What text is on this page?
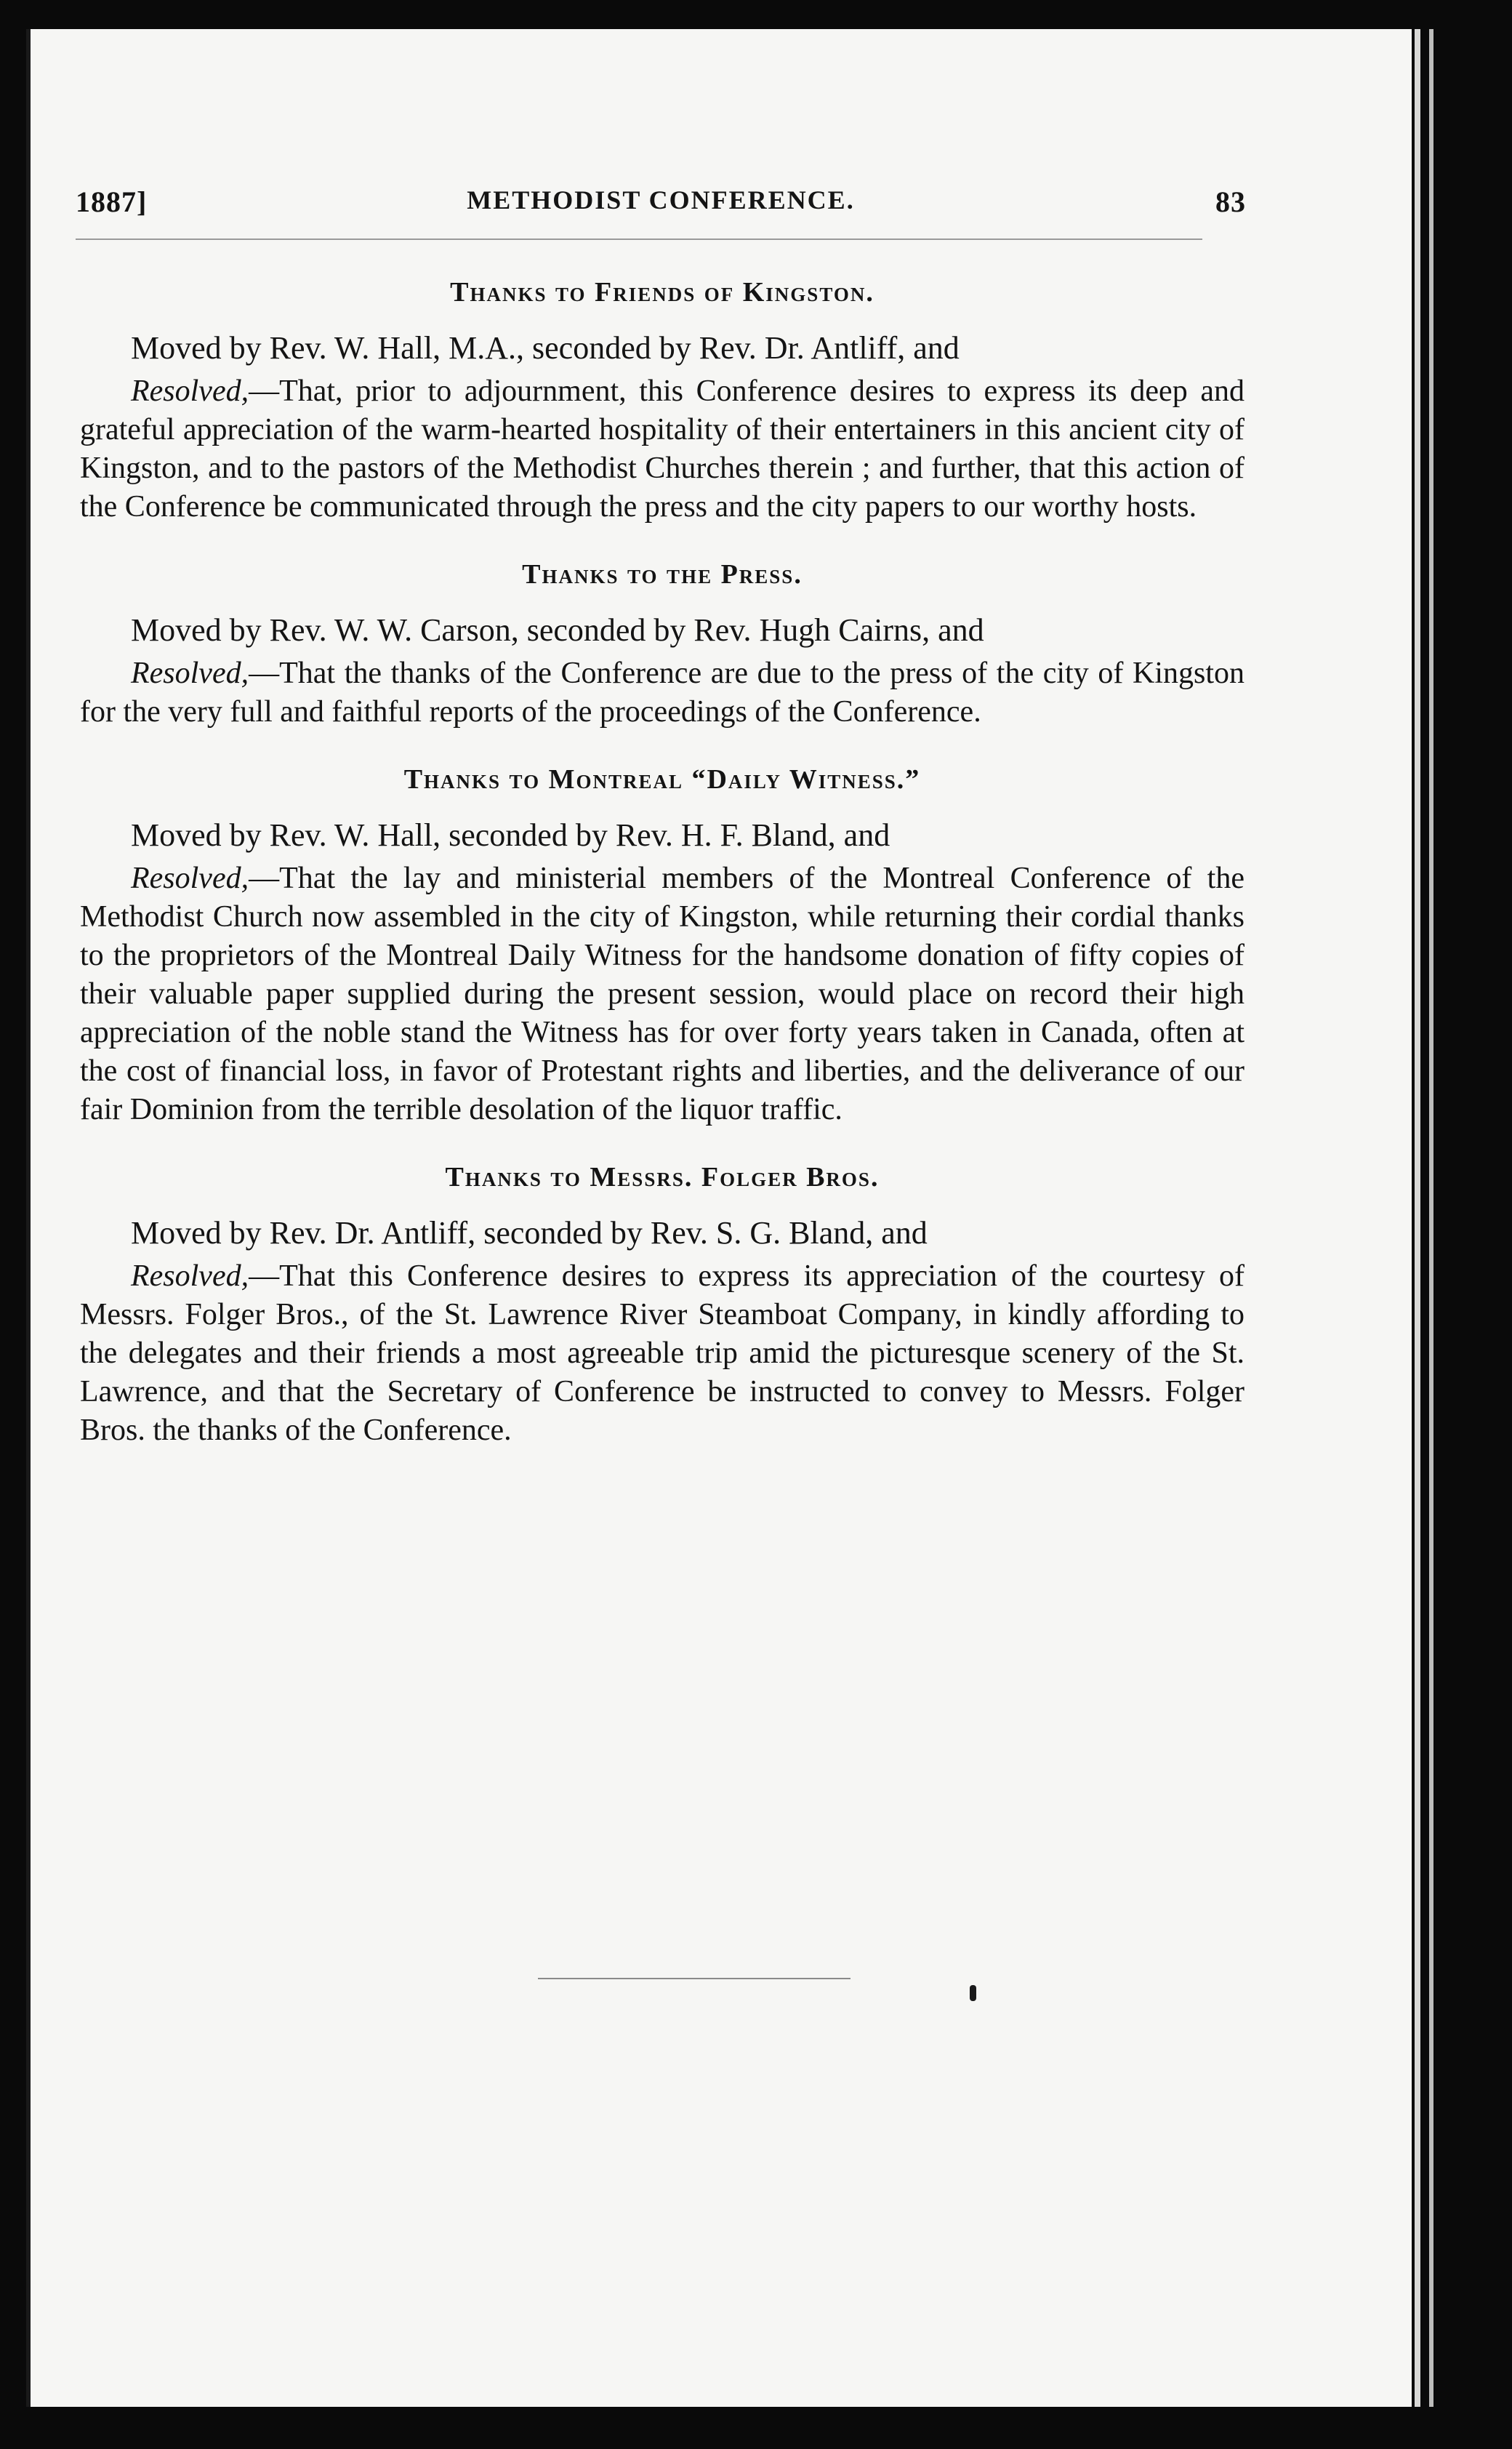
1887]	METHODIST CONFERENCE.	83
Thanks to Friends of Kingston.

Moved by Rev. W. Hall, M.A., seconded by Rev. Dr. Antliff, and

Resolved,—That, prior to adjournment, this Conference desires to express its deep and grateful appreciation of the warm-hearted hospitality of their entertainers in this ancient city of Kingston, and to the pastors of the Methodist Churches therein ; and further, that this action of the Conference be communicated through the press and the city papers to our worthy hosts.

Thanks to the Press.

Moved by Rev. W. W. Carson, seconded by Rev. Hugh Cairns, and

Resolved,—That the thanks of the Conference are due to the press of the city of Kingston for the very full and faithful reports of the proceedings of the Conference.

Thanks to Montreal “Daily Witness.”

Moved by Rev. W. Hall, seconded by Rev. H. F. Bland, and

Resolved,—That the lay and ministerial members of the Montreal Conference of the Methodist Church now assembled in the city of Kingston, while returning their cordial thanks to the proprietors of the Montreal Daily Witness for the handsome donation of fifty copies of their valuable paper supplied during the present session, would place on record their high appreciation of the noble stand the Witness has for over forty years taken in Canada, often at the cost of financial loss, in favor of Protestant rights and liberties, and the deliverance of our fair Dominion from the terrible desolation of the liquor traffic.

Thanks to Messrs. Folger Bros.

Moved by Rev. Dr. Antliff, seconded by Rev. S. G. Bland, and

Resolved,—That this Conference desires to express its appreciation of the courtesy of Messrs. Folger Bros., of the St. Lawrence River Steamboat Company, in kindly affording to the delegates and their friends a most agreeable trip amid the picturesque scenery of the St. Lawrence, and that the Secretary of Conference be instructed to convey to Messrs. Folger Bros. the thanks of the Conference.
